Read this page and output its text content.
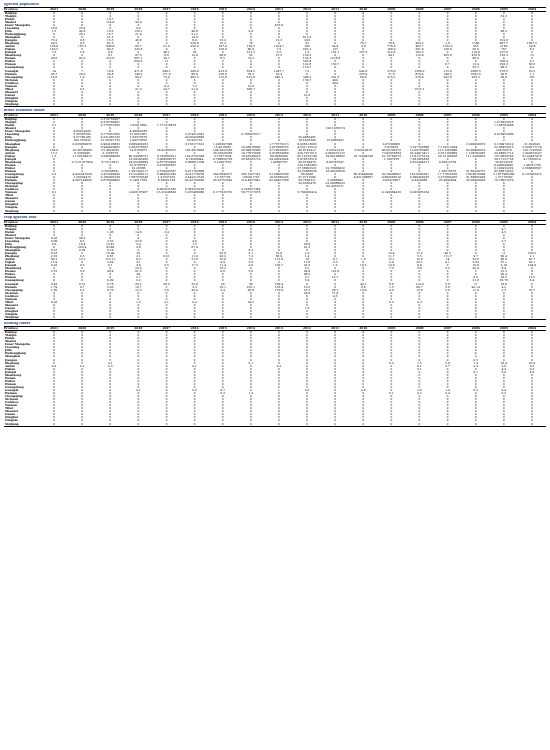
affected population
Province	2021	2020	2019	2018	2017	2016	2015	2014	2013	2012	2011	2010	2009	2008	2007	2006	2005	2004
Beijing	0	0	0	0	0	0	0	0	0	0	0	0	0	0	0	0	0	0
Tianjin	0	0	0	0	2	0	0	0	0	0	0	0	0	0	0	0	32.2	0
Hebei	0	0	10.7	0	0	0	0	0	0	0	0	0	0	0	0	0	0	0
Shanxi	0	0	114.8	30.9	0	0	0	0	0	0	0	0	0	0	0	0	0	0
Inner Mongolia	0	0	0	0	0	0	0	0	453.9	0	0	0	0	0	0	0	0	0
Liaoning	16.6	25.4	0	6.4	0	0	0	0	0	0	0	0	0	0	0	0	0	0
Jilin	1.5	42.9	10.5	158.1	0	40.8	0	9.4	0	0	0	0	0	0	0	0	86.5	0
Heilongjiang	0	28.1	16.7	21.9	0	51.2	0	0	0	0	0	0	0	0	0	0	0	0
Shanghai	0	0	21.3	0	0	14.9	0	0	0	611.8	0	0	0	0	0	0	0	0
Jiangsu	73.2	0.8	15.5	46.8	0	9.9	15.2	0	12.3	209	0	0	0	0	0	0	152.8	0
Zhejiang	20.5	9.5	81.5	0	0	226.8	15.2	79	0	53	0	76.7	76.4	456.2	1.6	1560	967.7	1857.5
Anhui	274.6	187.2	840.8	86.7	21.9	250.4	167.6	158.5	1224.7	180	34.4	3.8	776.6	403.7	1762.5	353	2160	1474
Fujian	143.5	0	60.5	223.5	0	0	128.8	60.9	7.5	291.2	127	0	106.9	261.6	128.9	56.9	767	6.2
Jiangxi	7.3	5.9	0.6	0	48.1	35	0	131.5	2.2	1.9	101.1	187.5	212.8	192.2	0	119.9	237.8	0
Shandong	0	0	0.1	97.5	0.8	12.9	98.8	52	27.5	120.3	0	0	44.1	110.8	205.6	470.8	156.3	13
Henan	20.8	92.3	312.6	697.1	29.7	0	6.5	74.2	0	133.3	1278.8	0	0	0	0	80.6	0	0
Hubei	0	0	0	658.5	11	0	0	0	0	503.6	0	0	0	0	0	0	180.4	0.1
Hunan	0	0	0	0	0	0	0	0	0	101.8	150.7	0	0	0	8.7	12.4	292.3	35.8
Guangdong	0	0	0	0	0	0	0	0	0	119.7	0	0	0	0	0	55.5	88.5	9.2
Guangxi	14	7	19.9	471.8	249.1	269.6	413.9	554.5	1247.7	7.2	0	642.8	379.9	1368.2	115.6	2286.5	278.5	10.2
Hainan	26.7	20.3	29.8	149.2	171.6	96.9	276.8	79.2	16.4	0	0	225.9	71.8	876.4	148.2	1062.6	30.8	1.1
Chongqing	14.6	1.9	10.1	60.2	75.4	495.5	112.8	612.8	345.2	308.2	201.2	86.8	316.1	276.6	247.8	283.5	30.8	701
Sichuan	0	0	0	0	0	0	0	0	0	156.7	400	0	0	0	0	0	0	0
Guizhou	0	0	0	0	0	0	0	0	0	0	404	0	0	0	0	0	0	0
Yunnan	0	0	0	0	0.4	7.3	0	15.8	0	0	0	0	0	0	0	0	0	0
Tibet	0	0.5	0	21.3	24.7	21.9	0	280.7	0	0	0	0	0	1515.1	0	0	0	0
Shaanxi	0	0	0	0	0	0	0	0	0	0	0	0	0	0	0	0	0	0
Gansu	0	0	0	0	0	0	0	0	0	21.6	0	0	0	0	0	0	0	0
Qinghai	0	0	0	0	0	0	0	0	0	0	0	0	0	0	0	0	0	0
Ningxia	0	0	0	0	0	0	0	0	0	0	0	0	0	0	0	0	0	0
Xinjiang	0	0	0	0	0	0	0	0	0	0	0	0	0	0	0	0	0	0
direct economic losses
Province	2021	2020	2019	2018	2017	2016	2015	2014	2013	2012	2011	2010	2009	2008	2007	2006	2005	2004
Beijing	0	0	0.379762967	0	0	0	0	0	0	0	0	0	0	0	0	0	0	0
Tianjin	0	0	0.379762967	0	0	0	0	0	0	0	0	0	0	0	0	0	1.473055918	0
Hebei	0.1	0	0.775957265	7.02912892	1.771278476	0	0	0	0	0	0	0	0	0	0	0	1.108782488	0
Shanxi	0	0	0	0	0	0	0	0	0	0	120.1035574	0	0	0	0	0	0	0
Inner Mongolia	0	4.95914283	0	4.46082238	0	0	0	0	0	0	0	0	0	0	0	0	0	0
Liaoning	0	5.35587505	0.775957265	27.6621681	0	2.274310341	0	0.786283517	0	0	0	0	0	0	0	0	4.010955989	0
Jilin	0	9.57760185	9.221465193	1.93570576	0	42.00439882	0	0	0	20.4865495	0	0	0	0	0	0	0	0
Heilongjiang	0	100.316622	21.30327735	1.99270356	0	20.925725	0	0	0	18.1433360	15.6085967	0	0	0	0	0	0	0
Shanghai	0	0.003959655	0.904105895	0.669402283	0	0.158177012	1.226297396	0	1.777075213	0.936513693	0	0	2.67298063	0	0	3.000000070	0.139974519	31.322643
Jiangsu	0	0	0.944922982	2.303378583	0	0	15.4516961	10.03018895	2.975308555	4.551712514	0	0	3.970813	5.197742696	7.119512094	0	32.95825013	2.503017179
Zhejiang	100.6	10.43706488	67.4622005	19.8793875	18.92369797	182.3616902	104.3822356	26.69970906	37.22928967	28.8722412	2.03512279	3.00019679	66.00792272	13.09783905	112.1560986	62.98469219	228.58979	120.7143059
Anhui	11.5	0.3305996	0.1356778	0	0	0	28.16028256	19.77975696	3.979359969	220.7977015	0.660270172	0	7.542955884	22.24615411	2.351169869	1.108782487	34.68801713	1.349353227
Fujian	1.5	11.59169915	5.096804086	80.34468791	8.742862321	102.8792384	3.77877034	18.45549023	89.9936896	36.12016746	19.84168982	10.72494746	10.79769573	15.91575214	20.15186528	111.2299976	107.9808746	21.42497478
Jiangxi	0	0	0	16.09563266	5.308609727	6.79280944	8.799652756	30.88183719	24.30593924	0.978576519	0	0	1.1987978	7.001665828	0	0	39.17127758	4.17850014
Shandong	0	0.7121337954	8.72110911	24.05286899	4.677952693	0.068811039	5.10287555	0	1.62895767	29.8764478	8.60787647	0	0	0.675494311	0.03412758	0	30.0274228	0
Henan	0	0	0	25.8796797	0.270693567	0	0	0	0	124.1935463	0	0	0	0	0	0	6.499244997	1.44761796
Hubei	0	0	0	10.20386	0	0	0	0	0	27.58002521	22.76909022	0	0	0	0	0	6.102952222	2.566666667
Hunan	0	0	0.35038391	1.267240117	2.579003547	0.271762666	0	0	0	33.22868036	18.49530856	0	0	0	1.28279373	31.85209757	95.65673452	0
Guangdong	2.3	4.002247029	2.475992842	21.01405011	0.969601042	20.41778259	242.6846277	302.1207741	9.128682509	68.3008	0	80.93444048	35.59099697	120.9582627	17.77656166	168.4979009	5.1977960289	0.197983472
Guangxi	0	1.26034475	3.186905158	7.887079548	1.27507105	3.442212516	13.787705	138.061707	10.91680245	37.0711084	0	4.951338887	0.890080518	0.399409235	2.375894235	31.88965493	1.27178382	0
Hainan	0	4.897144895	0.870900962	5.14017785	8.18001193	93.42780956	45.25752542	214.4357941	92.48457389	39.7692311	2.3488990	0	0.00479957	9.3434886	23.4990064	30.28408028	76.76651979	0
Chongqing	0	0	0	0	0	0	0	0	0	50.4365476	22.69086023	0	0	0	0	0	0	0
Sichuan	0	0	0	0	0	0	0	0	0	0	66.4016271	0	0	0	0	0	0	0
Guizhou	0	0	0	0	0.002031382	0.503253216	0	3.220357385	0	0	0	0	0	0	0	0	0	0
Yunnan	0.1	0	0	2.403167967	13.25248626	5.165496080	0.177625761	56.77157078	0	3.790030414	0	0	0.149684416	0.203985164	0	0	0	0
Tibet	0	0	0	0	0	0	0	0	0	0	0	0	0	0	0	0	0	0
Shaanxi	0	0	0	0	0	0	0	0	0	0	0	0	0	0	0	0	0	0
Gansu	0	0	0	0	0	0	0	0	0	0	0	0	0	0	0	0	0	0
Qinghai	0	0	0	0	0	0	0	0	0	0	0	0	0	0	0	0	0	0
Ningxia	0	0	0	0	0	0	0	0	0	0	0	0	0	0	0	0	0	0
Xinjiang	0	0	0	0	0	0	0	0	0	0	0	0	0	0	0	0	0	0
crop affected area
Province	2021	2020	2019	2018	2017	2016	2015	2014	2013	2012	2011	2010	2009	2008	2007	2006	2005	2004
Beijing	0	0	0	0	0	0	0	0	0	0	0	0	0	0	0	0	0	0
Tianjin	0	0	0	0	0	0	0	0	0	0	0	0	0	0	0	0	4.7	0
Hebei	0	0	1.06	14.6	3.4	0	0	0	0	0	0	0	0	0	0	0	4.5	0
Shanxi	0	0	0	0	0	0	0	0	0	0	0	0	0	0	0	0	0	0
Inner Mongolia	0.03	28.2	0	0	0	0	0	0	0	0	0	0	0	0	0	0	0	0
Liaoning	0.09	9.5	2.52	23.9	0	4.6	0	0	0	0	0	0	0	0	0	0	2.7	0
Jilin	0.6	16.4	12.47	5.4	0	7.2	0	0	0	20.9	0	0	0	0	0	0	0	0
Heilongjiang	0	203.4	93.48	3.8	0	67.4	0	0	0	41.3	0	0	0	0	0	0	0	0
Shanghai	0.27	0.05	0.16	0	0	0	0	0.3	0	0	0	0	0	0	0	0	0	0
Jiangsu	6.23	0	15.94	25	0	0	25.9	2.1	31.9	1.9	0	0	10.4	11.2	46.3	0	11	120.5
Zhejiang	2.25	0.5	2.67	2.1	0.01	11.9	20.2	7.2	63.9	1.4	0	0	11.7	5.5	111.7	9.7	60.4	1.1
Anhui	30.2	10.1	115.11	8.2	0	21.6	16.8	57	112.9	19	6.7	1.5	15.1	15.9	74	53.6	80.8	45.7
Fujian	15.9	0	2.49	41	0	0	0.9	3.9	0	17.8	5.3	0	2.9	22.1	9.1	5.02	57.1	20.1
Jiangxi	0.03	0.5	0.1	3.4	2.5	17.3	11.4	4.9	109.7	22.3	1.9	10.5	14.6	8.9	0	16.6	5.19	104.9
Shandong	0	0	0	10.3	0	0	13.2	0	0	5.5	0	0	7.3	3.8	2.2	43.9	8.4	0
Henan	2.51	3.3	88.4	81.5	0	0	0.6	5.8	0	24.8	101.8	0	0	0	0	3	15.5	0
Hubei	0	0	0	49	0	0	0	0	0	98.2	0	0	0	0	0	0	20.4	0
Hunan	0	0	0	2.7	0	0	0	0	0	2.7	12.7	0	0	0	0	0.8	16.5	12.5
Guangdong	0	0	0.09	2.2	0	0	0	0	0	3.9	0	0	0	0	0	21.6	35.78	3.4
Guangxi	0.43	0.51	0.76	33.2	26.3	32.9	28	38	109.4	0	0	40.1	8.6	114.9	5.8	71	16.6	0
Hainan	1.79	0.7	2.05	10.7	2	3.5	10.1	105.1	153.4	10.5	0	8.8	1.5	80.7	3.9	90.14	4.2	0
Chongqing	1.85	0.1	0.73	12.3	2.6	43.9	2.4	95.8	179.8	16.1	28.7	10.9	9.9	13.6	5.8	11.9	2.3	70.7
Sichuan	0	0	0	0	0	0	0	0	0	20.6	71.8	0	0	0	0	0	0	0
Guizhou	0	0	0	0	0	0	0	0	0	0	4.6	0	0	0	0	0	0	0
Yunnan	0	0	0	0	0	0	0	0	0	0	0	0	0	0	0	0	0	0
Tibet	0.03	0	0	1.5	2.1	0.2	0	24.5	0	0	0	0	0.5	0.3	0	0	0	0
Shaanxi	0	0	0	0	0	0	0	0	0	0	0	0	0	0	0	0	0	0
Gansu	0	0	0	0	0	0	0	0	0	1.8	0	0	0	0	0	0	0	0
Qinghai	0	0	0	0	0	0	0	0	0	0	0	0	0	0	0	0	0	0
Ningxia	0	0	0	0	0	0	0	0	0	0	0	0	0	0	0	0	0	0
Xinjiang	0	0	0	0	0	0	0	0	0	0	0	0	0	0	0	0	0	0
housing losses
Province	2021	2020	2019	2018	2017	2016	2015	2014	2013	2012	2011	2010	2009	2008	2007	2006	2005	2004
Beijing	0	0	0	0	0	0	0	0	0	0	0	0	0	0	0	0	0	0
Tianjin	0	0	0	0	0	0	0	0	0	0	0	0	0	0	0	0	0	0
Hebei	0	0	0	0	0	0	0	0	0	0	0	0	0	0	0	0	0	0
Shanxi	0	0	0	0	0	0	0	0	0	0	0	0	0	0	0	0	0	0
Inner Mongolia	0	0	0	0	0	0	0	0	0	0	0	0	0	0	0	0	0	0
Liaoning	0	0	0	0	0	0	0	0	0	0	0	0	0	0	0	0	0	0
Jilin	0	0	0	0	0	0	0	0	0	0	0	0	0	0	0	0	0	0
Heilongjiang	0	0	0	0	0	0	0	0	0	0	0	0	0	0	0	0	0	0
Shanghai	0	0	0	0	0	0	0	0	0	0	0	0	0	0	0	0	0	0
Jiangsu	0	0	0	0	0	0	0	0	0	0	0	0	0	0	0	0.5	0	0
Zhejiang	0	0	0.1	0	0	0	0	0.1	0	0	0	0	0.5	1.5	5.6	7.4	18.4	23.4
Anhui	0.9	0.1	0.3	0	0	0.1	0	0	0.2	0	0	0	0	0.1	5.7	2.4	2.6	0.3
Fujian	0	0	0	0	0	0	0	0	0	0	0	0	0	0.1	0	0	4.4	0.3
Jiangxi	0	0	0	0	0	0	0	0	0	0	0	0	0	0	0	0.1	5.9	4.6
Shandong	0	0	0	0	0	0	0	0	0	0	0	0	0	0	0	0	0	0
Henan	0	0	0	0	0	0	0	0	0	0	0	0	0	0	0	0	0	0
Hubei	0	0	0	0	0	0	0	0	0	0	0	0	0	0	0	0	0	0
Hunan	0	0	0	0	0	0	0	0	0	0	0	0	0	0	0	0	0	0
Guangdong	0	0	0	0	0	0	0	0	0	0	0	0	0	0	0	0	0	0
Guangxi	0	0	0	0.1	0	0.5	0.7	0	1	0.3	0	0.6	0	2.8	1.4	6.3	0.4	0
Hainan	0	0	0	0	0	0	0.3	1.4	0	0	0	0	0.1	0.2	0.4	0	0.2	0
Chongqing	0	0	0	0	0	0	0	0	0	0	0	0	0	0	0	0	0	0
Sichuan	0	0	0	0	0	0	0	0	0	0	0	0	0	0	0	0	0	0
Guizhou	0	0	0	0	0	0	0	0	0	0	0	0	0	0	0	0	0	0
Yunnan	0	0	0	0	0	0	0	0	0	0	0	0	0	0	0	0	0	0
Tibet	0	0	0	0	0	0	0	0	0	0	0	0	0	0	0	0	0	0
Shaanxi	0	0	0	0	0	0	0	0	0	0	0	0	0	0	0	0	0	0
Gansu	0	0	0	0	0	0	0	0	0	0	0	0	0	0	0	0	0	0
Qinghai	0	0	0	0	0	0	0	0	0	0	0	0	0	0	0	0	0	0
Ningxia	0	0	0	0	0	0	0	0	0	0	0	0	0	0	0	0	0	0
Xinjiang	0	0	0	0	0	0	0	0	0	0	0	0	0	0	0	0	0	0
